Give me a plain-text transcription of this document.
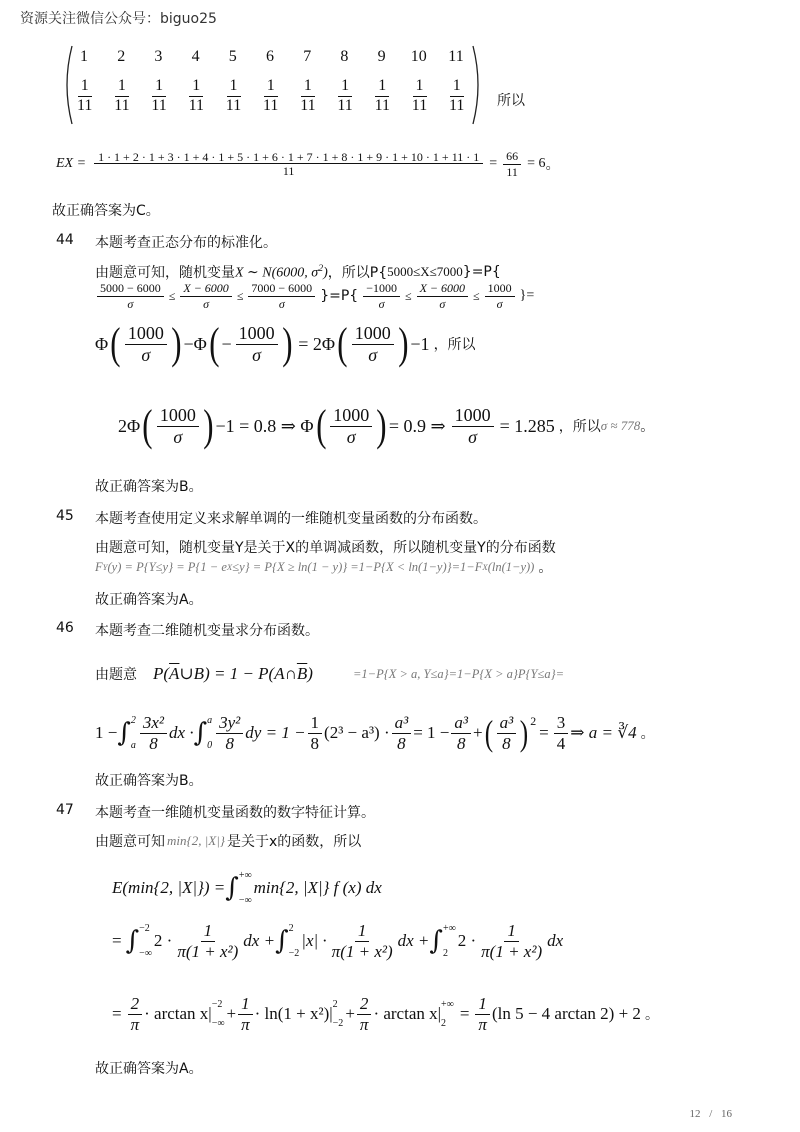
资源关注微信公众号：biguo25
1	2	3	4	5	6	7	8	9	10 11
$\frac{1}{11} \frac{1}{11} \frac{1}{11} \frac{1}{11} \frac{1}{11} \frac{1}{11} \frac{1}{11} \frac{1}{11} \frac{1}{11} \frac{1}{11} \frac{1}{11}$ 所以
EX =	1 · 1 + 2 · 1 + 3 · 1 + 4 · 1 + 5 · 1 + 6 · 1 + 7 · 1 + 8 · 1 + 9 · 1 + 10 · 1 + 11 · 1
11	= $\frac{66}{11} = 6$ 。
故正确答案为C。
44 本题考查正态分布的标准化。
由题意可知，随机变量 X ∼ N(6000, $\sigma^2$) ，所以P{ 5000≤X≤7000 }=P{
$\frac{5000 - 6000}{\sigma} \le \frac{X - 6000}{\sigma} \le \frac{7000 - 6000}{\sigma} \}=P\{ \frac{-1000}{\sigma} \le \frac{X - 6000}{\sigma} \le \frac{1000}{\sigma}$ }=
Φ ( $\frac{1000}{\sigma}$ ) − Φ ( − $\frac{1000}{\sigma}$ ) = 2Φ ( $\frac{1000}{\sigma}$ ) −1 ，所以
2Φ ( $\frac{1000}{\sigma}$ ) −1 = 0.8 ⇒ Φ ( $\frac{1000}{\sigma}$ ) = 0.9 ⇒ $\frac{1000}{\sigma} = 1.285$ ，所以 σ ≈ 778 。
故正确答案为B。
45 本题考查使用定义来求解单调的一维随机变量函数的分布函数。
由题意可知，随机变量Y是关于X的单调减函数，所以随机变量Y的分布函数
F Y (y) = P{Y≤y} = P{1 − e X ≤y} = P{X ≥ ln(1 − y)} =1−P{X < ln(1−y)}=1−F X (ln(1−y)) 。
故正确答案为A。
46 本题考查二维随机变量求分布函数。
由题意 $P(\overline{A}\cup B) = 1$ − $P(A\cap\overline{B})$	=1−P{X > a, Y≤a}=1−P{X > a}P{Y≤a}=
1 − ∫ 2
a $\frac{\text{3x²}}{8}$ dx · ∫ a
$0 \frac{\text{3y²}}{8}$ dy = $1 - \frac{1}{8} (2^3 - a^3) \cdot \frac{\text{a³}}{8} = 1 - \frac{\text{a³}}{8}$ + ( $\frac{\text{a³}}{8} )^2$
= $\frac{3}{4}$ ⇒ a = ∛4 。
故正确答案为B。
47 本题考查一维随机变量函数的数字特征计算。
由题意可知 min{2, |X|} 是关于x的函数，所以
E(min{2, |X|}) = ∫ +∞
−∞
min{2, |X|} f (x) dx
= ∫ −2
−∞
$2 \cdot \frac{1}{\text{π(1 + x²)}}$ dx + ∫ 2
−2
$|x| \cdot \frac{1}{\text{π(1 + x²)}}$ dx + ∫ +∞
2
$2 \cdot \frac{1}{\text{π(1 + x²)}}$ dx
= $\frac{2}{\pi} \cdot \arctan x| -2$
−∞
+ $\frac{1}{\pi} \cdot \ln(1 + x^2)|$ 2
−2
+ $\frac{2}{\pi} \cdot \arctan x|$ +∞
2
= $\frac{1}{\pi} (\ln$ 5 − 4 arctan 2) + 2 。
故正确答案为A。
12 / 16
